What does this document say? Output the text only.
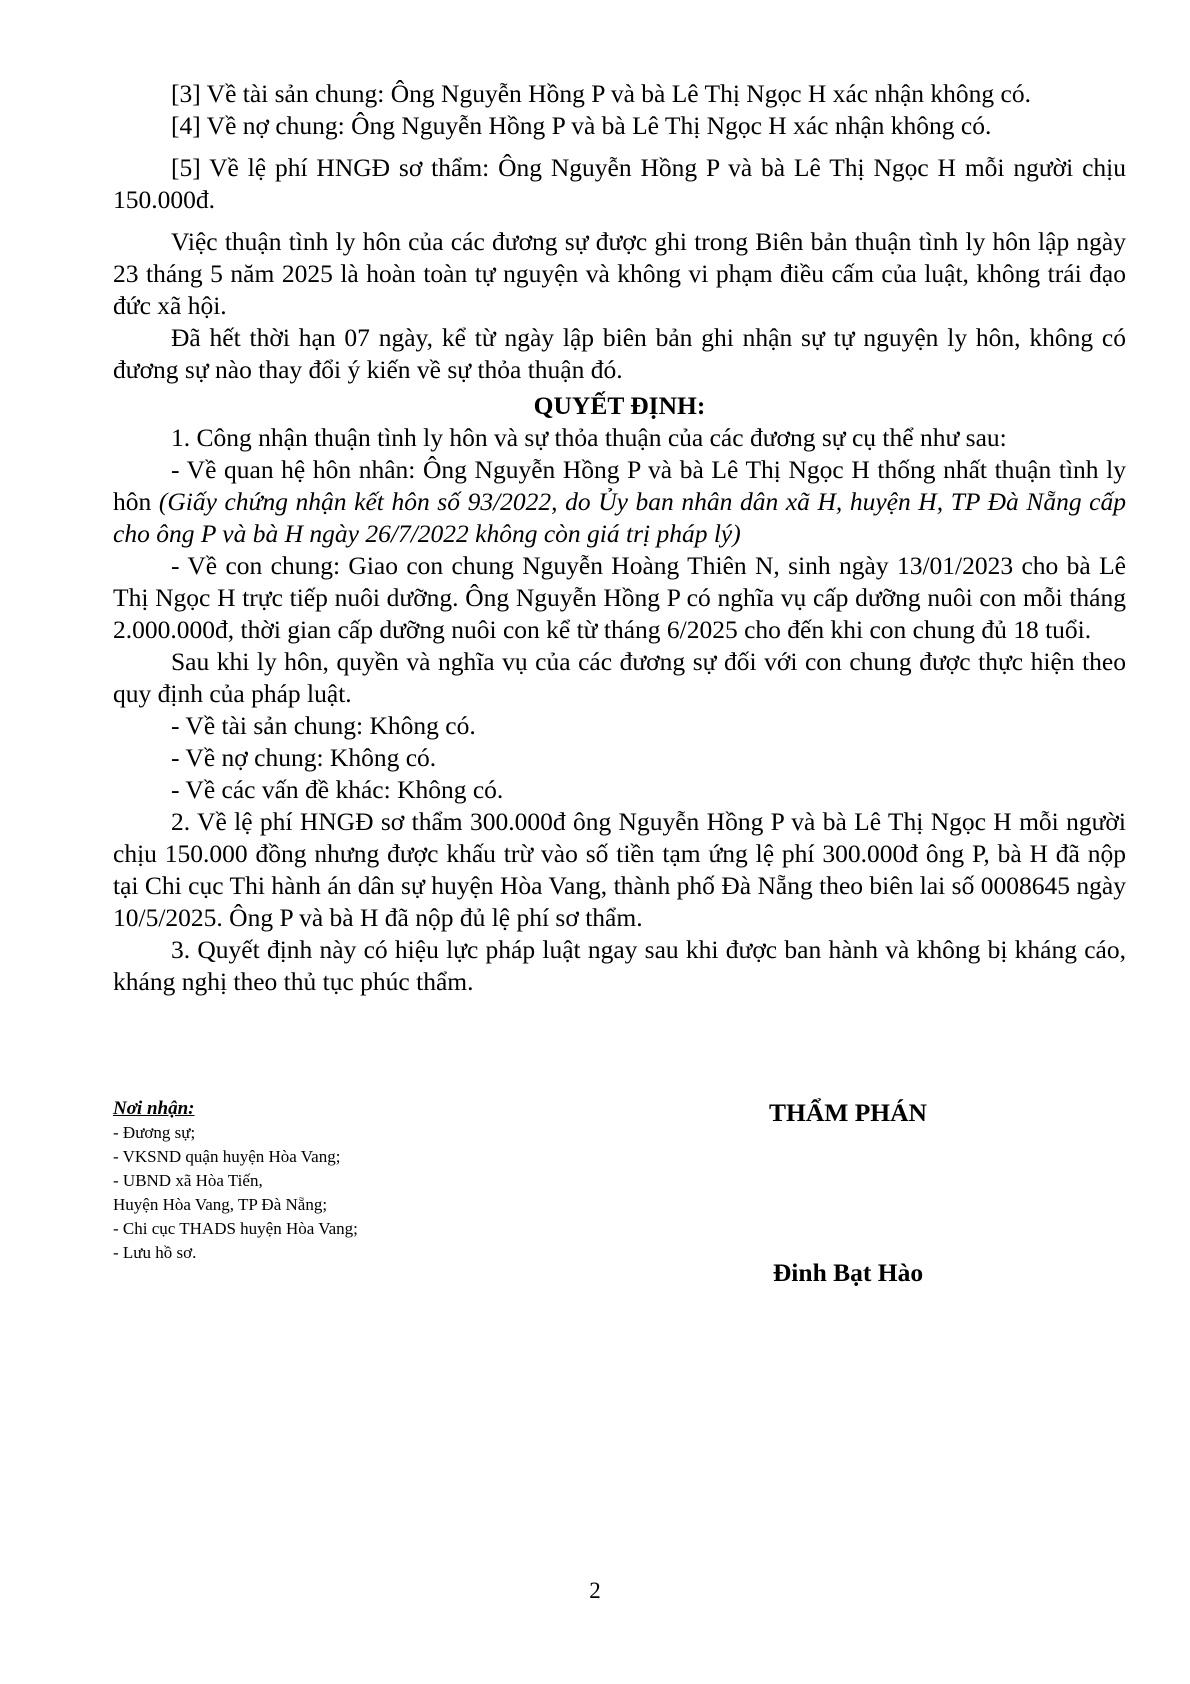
[3] Về tài sản chung: Ông Nguyễn Hồng P và bà Lê Thị Ngọc H xác nhận không có.

[4] Về nợ chung: Ông Nguyễn Hồng P và bà Lê Thị Ngọc H xác nhận không có.

[5] Về lệ phí HNGĐ sơ thẩm: Ông Nguyễn Hồng P và bà Lê Thị Ngọc H mỗi người chịu 150.000đ.

Việc thuận tình ly hôn của các đương sự được ghi trong Biên bản thuận tình ly hôn lập ngày 23 tháng 5 năm 2025 là hoàn toàn tự nguyện và không vi phạm điều cấm của luật, không trái đạo đức xã hội.

Đã hết thời hạn 07 ngày, kể từ ngày lập biên bản ghi nhận sự tự nguyện ly hôn, không có đương sự nào thay đổi ý kiến về sự thỏa thuận đó.

QUYẾT ĐỊNH:

1. Công nhận thuận tình ly hôn và sự thỏa thuận của các đương sự cụ thể như sau:

- Về quan hệ hôn nhân: Ông Nguyễn Hồng P và bà Lê Thị Ngọc H thống nhất thuận tình ly hôn (Giấy chứng nhận kết hôn số 93/2022, do Ủy ban nhân dân xã H, huyện H, TP Đà Nẵng cấp cho ông P và bà H ngày 26/7/2022 không còn giá trị pháp lý)

- Về con chung: Giao con chung Nguyễn Hoàng Thiên N, sinh ngày 13/01/2023 cho bà Lê Thị Ngọc H trực tiếp nuôi dưỡng. Ông Nguyễn Hồng P có nghĩa vụ cấp dưỡng nuôi con mỗi tháng 2.000.000đ, thời gian cấp dưỡng nuôi con kể từ tháng 6/2025 cho đến khi con chung đủ 18 tuổi.

Sau khi ly hôn, quyền và nghĩa vụ của các đương sự đối với con chung được thực hiện theo quy định của pháp luật.

- Về tài sản chung: Không có.

- Về nợ chung: Không có.

- Về các vấn đề khác: Không có.

2. Về lệ phí HNGĐ sơ thẩm 300.000đ ông Nguyễn Hồng P và bà Lê Thị Ngọc H mỗi người chịu 150.000 đồng nhưng được khấu trừ vào số tiền tạm ứng lệ phí 300.000đ ông P, bà H đã nộp tại Chi cục Thi hành án dân sự huyện Hòa Vang, thành phố Đà Nẵng theo biên lai số 0008645 ngày 10/5/2025. Ông P và bà H đã nộp đủ lệ phí sơ thẩm.

3. Quyết định này có hiệu lực pháp luật ngay sau khi được ban hành và không bị kháng cáo, kháng nghị theo thủ tục phúc thẩm.

Nơi nhận:
- Đương sự;
- VKSND quận huyện Hòa Vang;
- UBND xã Hòa Tiến,
Huyện Hòa Vang, TP Đà Nẵng;
- Chi cục THADS huyện Hòa Vang;
- Lưu hồ sơ.
THẨM PHÁN
Đinh Bạt Hào
2
